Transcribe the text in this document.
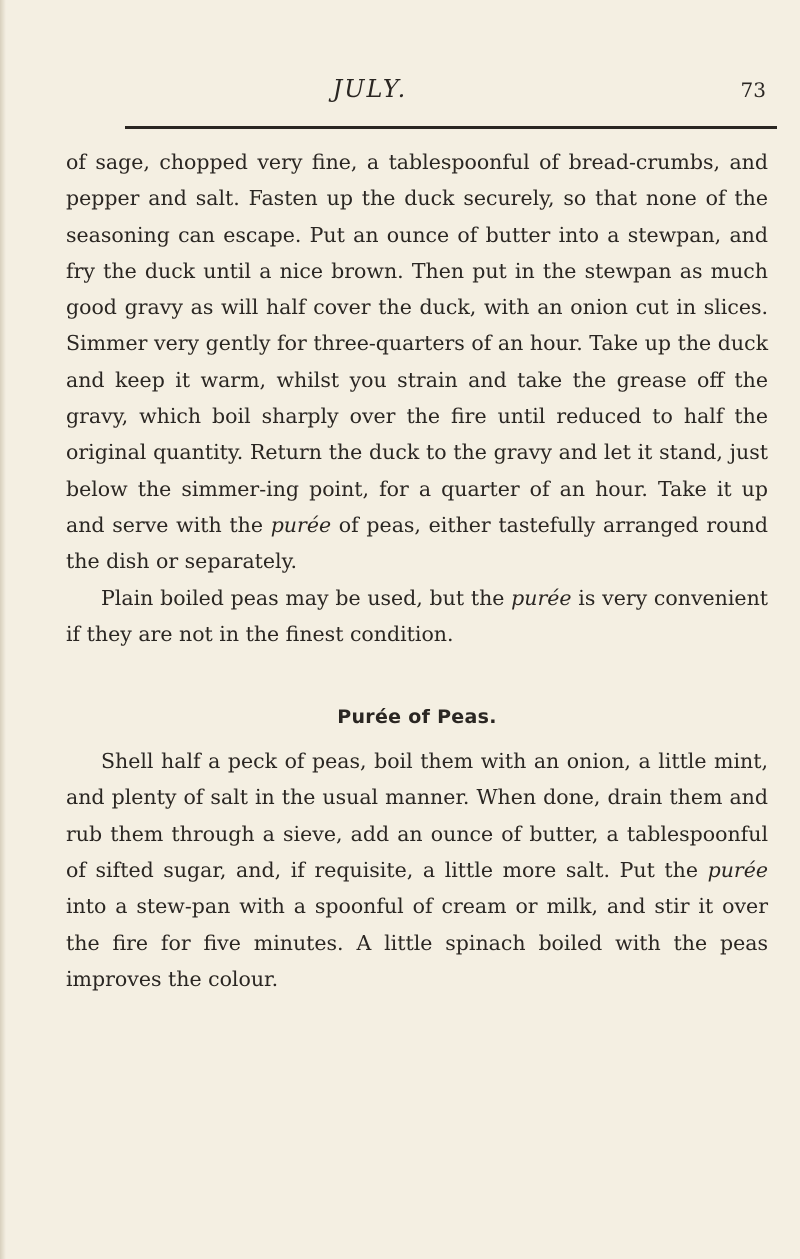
JULY.	73

of sage, chopped very fine, a tablespoonful of bread-crumbs, and pepper and salt. Fasten up the duck securely, so that none of the seasoning can escape. Put an ounce of butter into a stewpan, and fry the duck until a nice brown. Then put in the stewpan as much good gravy as will half cover the duck, with an onion cut in slices. Simmer very gently for three-quarters of an hour. Take up the duck and keep it warm, whilst you strain and take the grease off the gravy, which boil sharply over the fire until reduced to half the original quantity. Return the duck to the gravy and let it stand, just below the simmer-ing point, for a quarter of an hour. Take it up and serve with the purée of peas, either tastefully arranged round the dish or separately.

Plain boiled peas may be used, but the purée is very convenient if they are not in the finest condition.

Purée of Peas.

Shell half a peck of peas, boil them with an onion, a little mint, and plenty of salt in the usual manner. When done, drain them and rub them through a sieve, add an ounce of butter, a tablespoonful of sifted sugar, and, if requisite, a little more salt. Put the purée into a stew-pan with a spoonful of cream or milk, and stir it over the fire for five minutes. A little spinach boiled with the peas improves the colour.
